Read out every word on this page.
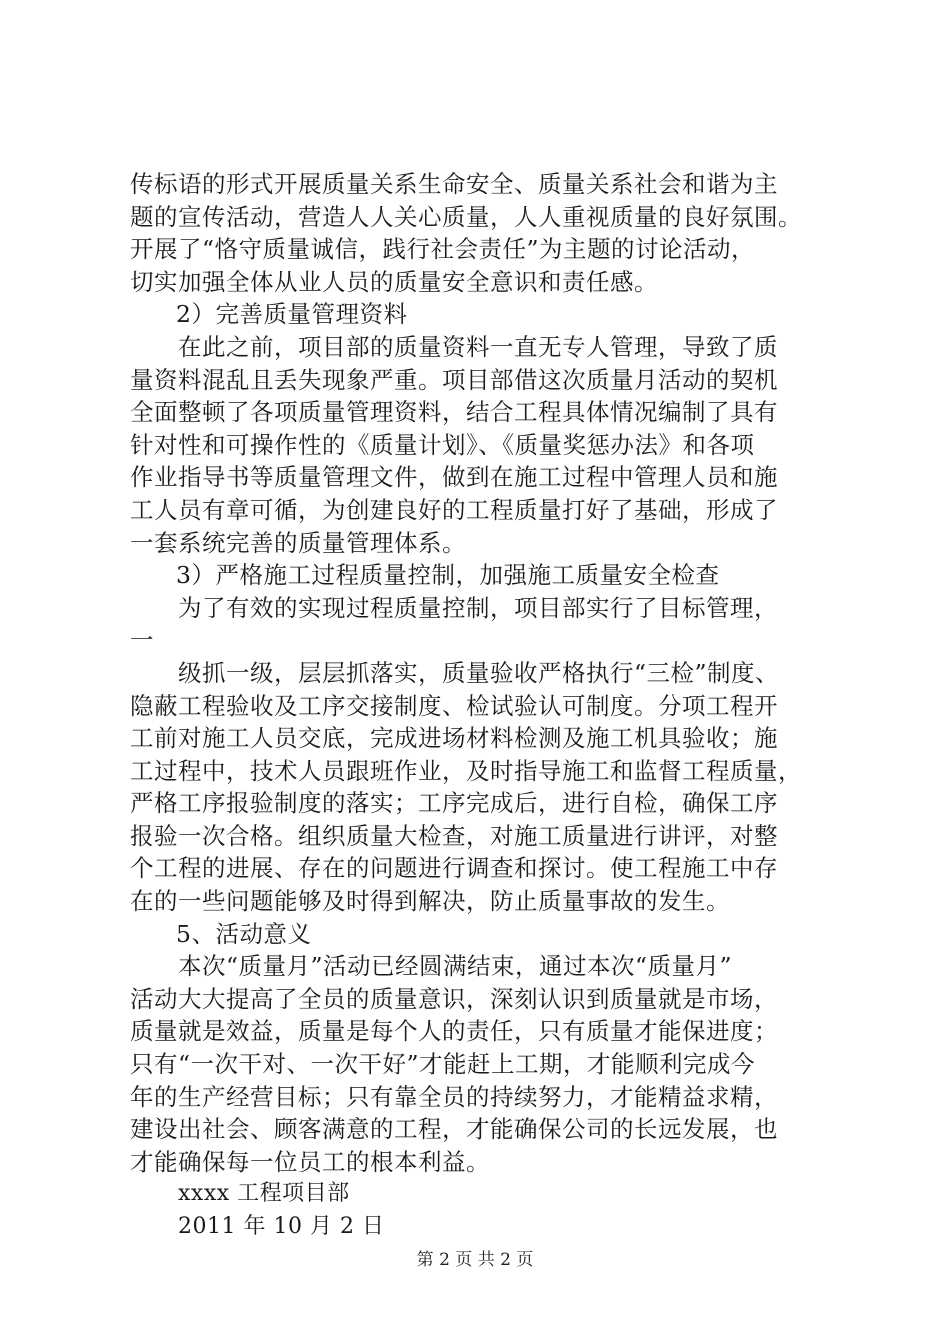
传标语的形式开展质量关系生命安全、质量关系社会和谐为主
题的宣传活动，营造人人关心质量，人人重视质量的良好氛围。
开展了“恪守质量诚信，践行社会责任”为主题的讨论活动，
切实加强全体从业人员的质量安全意识和责任感。
2）完善质量管理资料
在此之前，项目部的质量资料一直无专人管理，导致了质
量资料混乱且丢失现象严重。项目部借这次质量月活动的契机
全面整顿了各项质量管理资料，结合工程具体情况编制了具有
针对性和可操作性的《质量计划》、《质量奖惩办法》和各项
作业指导书等质量管理文件，做到在施工过程中管理人员和施
工人员有章可循，为创建良好的工程质量打好了基础，形成了
一套系统完善的质量管理体系。
3）严格施工过程质量控制，加强施工质量安全检查
为了有效的实现过程质量控制，项目部实行了目标管理，
一
级抓一级，层层抓落实，质量验收严格执行“三检”制度、
隐蔽工程验收及工序交接制度、检试验认可制度。分项工程开
工前对施工人员交底，完成进场材料检测及施工机具验收；施
工过程中，技术人员跟班作业，及时指导施工和监督工程质量，
严格工序报验制度的落实；工序完成后，进行自检，确保工序
报验一次合格。组织质量大检查，对施工质量进行讲评，对整
个工程的进展、存在的问题进行调查和探讨。使工程施工中存
在的一些问题能够及时得到解决，防止质量事故的发生。
5、活动意义
本次“质量月”活动已经圆满结束，通过本次“质量月”
活动大大提高了全员的质量意识，深刻认识到质量就是市场，
质量就是效益，质量是每个人的责任，只有质量才能保进度；
只有“一次干对、一次干好”才能赶上工期，才能顺利完成今
年的生产经营目标；只有靠全员的持续努力，才能精益求精，
建设出社会、顾客满意的工程，才能确保公司的长远发展，也
才能确保每一位员工的根本利益。
xxxx 工程项目部
2011 年 10 月 2 日
第 2 页 共 2 页
